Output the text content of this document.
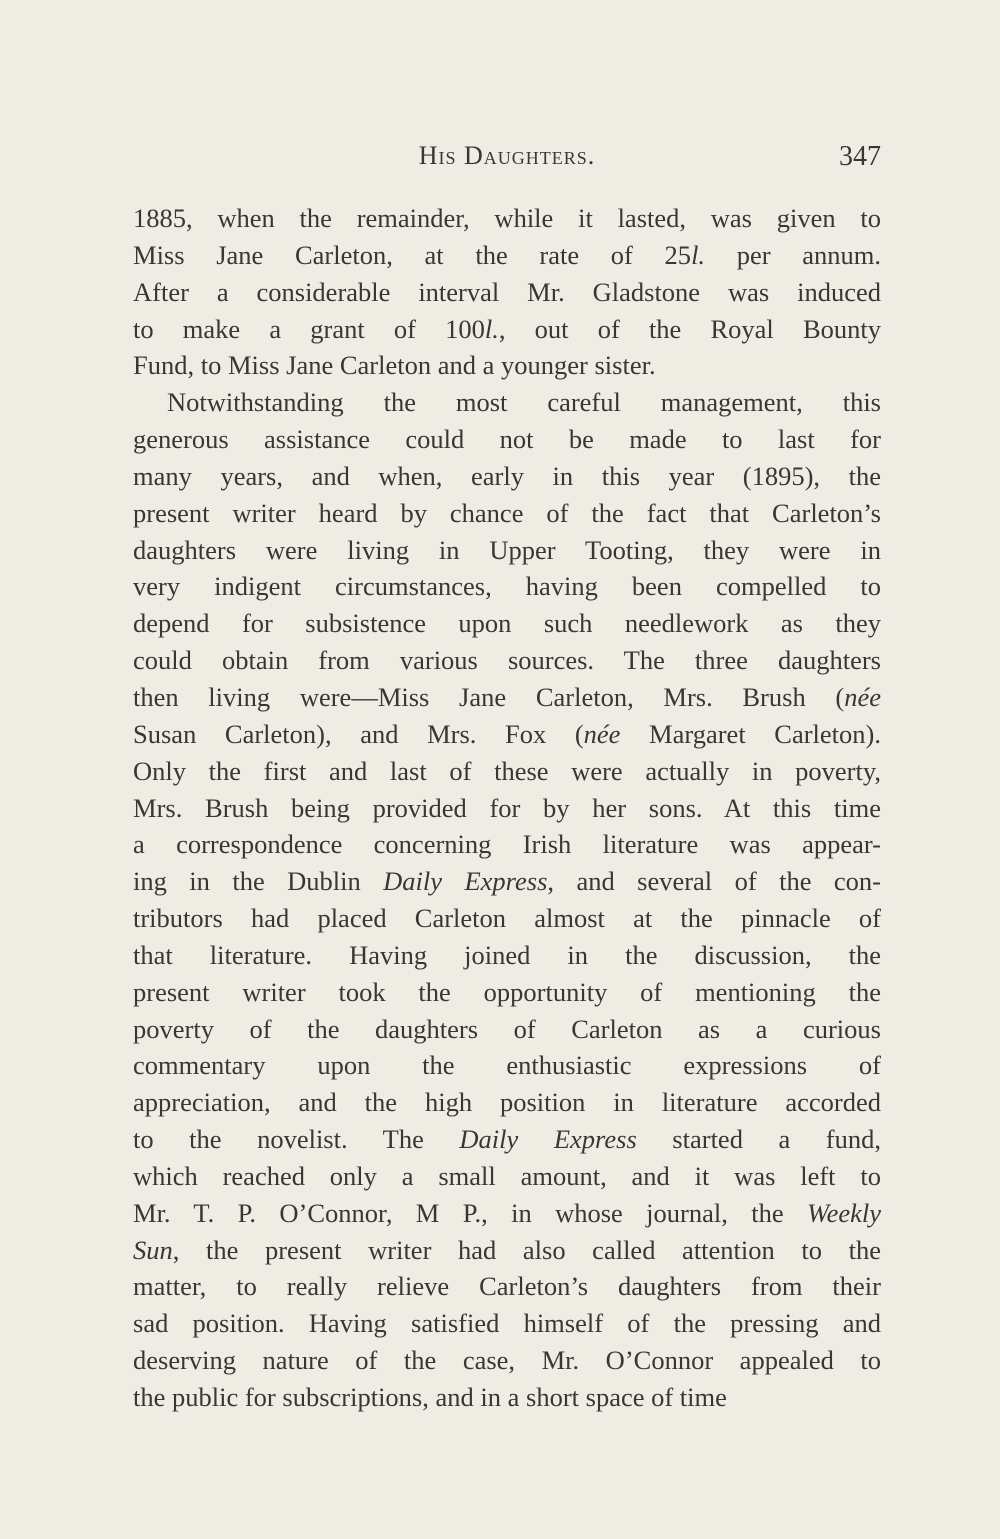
His Daughters.	347
1885, when the remainder, while it lasted, was given to
Miss Jane Carleton, at the rate of 25l. per annum.
After a considerable interval Mr. Gladstone was induced
to make a grant of 100l., out of the Royal Bounty
Fund, to Miss Jane Carleton and a younger sister.
Notwithstanding the most careful management, this
generous assistance could not be made to last for
many years, and when, early in this year (1895), the
present writer heard by chance of the fact that Carleton’s
daughters were living in Upper Tooting, they were in
very indigent circumstances, having been compelled to
depend for subsistence upon such needlework as they
could obtain from various sources. The three daughters
then living were—Miss Jane Carleton, Mrs. Brush (née
Susan Carleton), and Mrs. Fox (née Margaret Carleton).
Only the first and last of these were actually in poverty,
Mrs. Brush being provided for by her sons. At this time
a correspondence concerning Irish literature was appear-
ing in the Dublin Daily Express, and several of the con-
tributors had placed Carleton almost at the pinnacle of
that literature. Having joined in the discussion, the
present writer took the opportunity of mentioning the
poverty of the daughters of Carleton as a curious
commentary upon the enthusiastic expressions of
appreciation, and the high position in literature accorded
to the novelist. The Daily Express started a fund,
which reached only a small amount, and it was left to
Mr. T. P. O’Connor, M P., in whose journal, the Weekly
Sun, the present writer had also called attention to the
matter, to really relieve Carleton’s daughters from their
sad position. Having satisfied himself of the pressing and
deserving nature of the case, Mr. O’Connor appealed to
the public for subscriptions, and in a short space of time
